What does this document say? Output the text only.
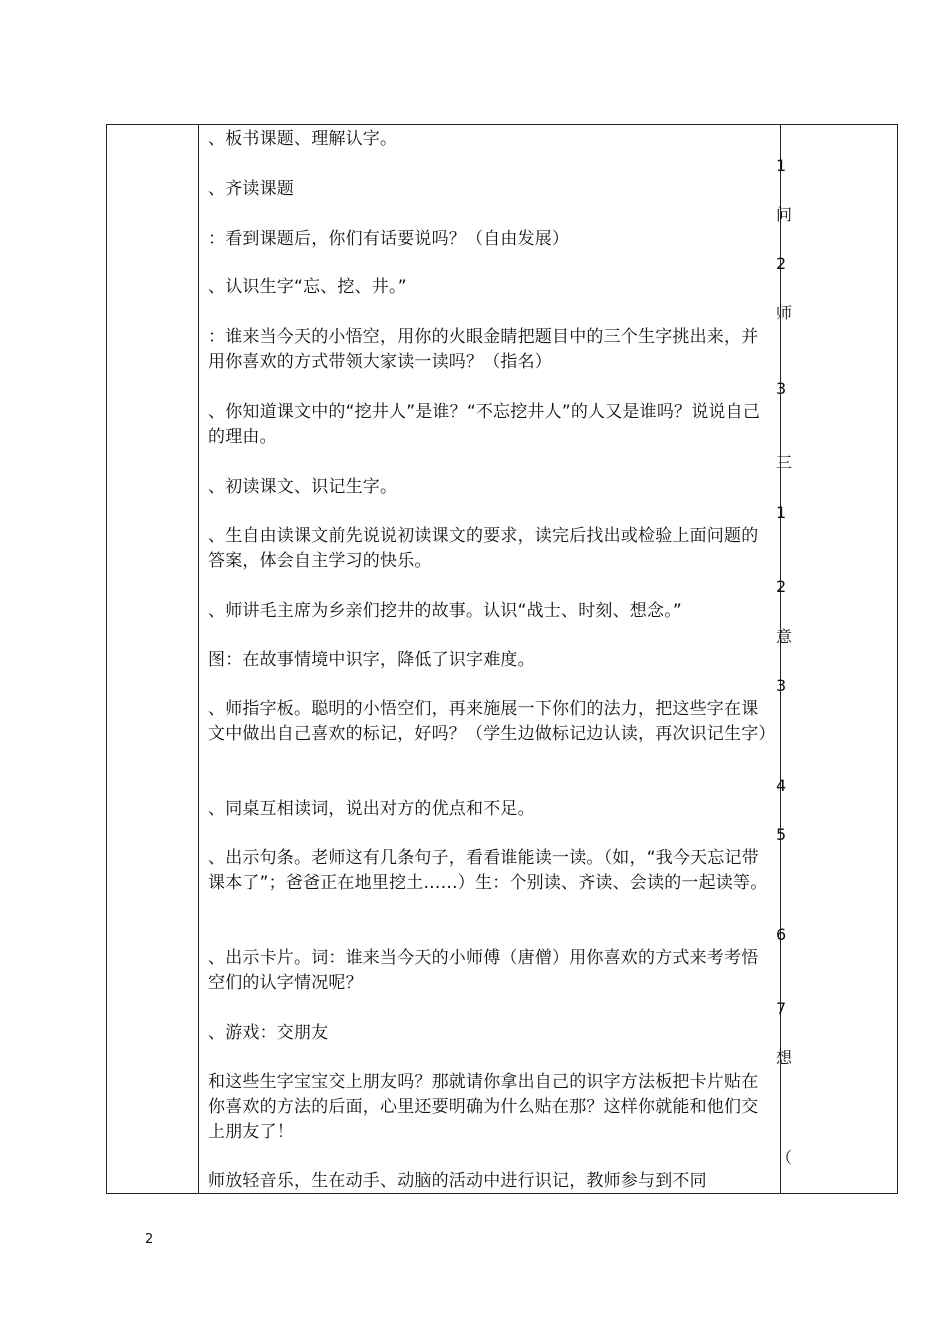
、板书课题、理解认字。
、齐读课题
：看到课题后，你们有话要说吗？（自由发展）
、认识生字“忘、挖、井。”
：谁来当今天的小悟空，用你的火眼金睛把题目中的三个生字挑出来，并用你喜欢的方式带领大家读一读吗？（指名）
、你知道课文中的“挖井人”是谁？“不忘挖井人”的人又是谁吗？说说自己的理由。
、初读课文、识记生字。
、生自由读课文前先说说初读课文的要求，读完后找出或检验上面问题的答案，体会自主学习的快乐。
、师讲毛主席为乡亲们挖井的故事。认识“战士、时刻、想念。”
图：在故事情境中识字，降低了识字难度。
、师指字板。聪明的小悟空们，再来施展一下你们的法力，把这些字在课文中做出自己喜欢的标记，好吗？（学生边做标记边认读，再次识记生字）
、同桌互相读词，说出对方的优点和不足。
、出示句条。老师这有几条句子，看看谁能读一读。（如，“我今天忘记带课本了”；爸爸正在地里挖土……）生：个别读、齐读、会读的一起读等。
、出示卡片。词：谁来当今天的小师傅（唐僧）用你喜欢的方式来考考悟空们的认字情况呢？
、游戏：交朋友
和这些生字宝宝交上朋友吗？那就请你拿出自己的识字方法板把卡片贴在你喜欢的方法的后面，心里还要明确为什么贴在那？这样你就能和他们交上朋友了！
师放轻音乐，生在动手、动脑的活动中进行识记，教师参与到不同
1
问
2
师
3
三
1
2
意
3
4
5
6
7
想
（
2
